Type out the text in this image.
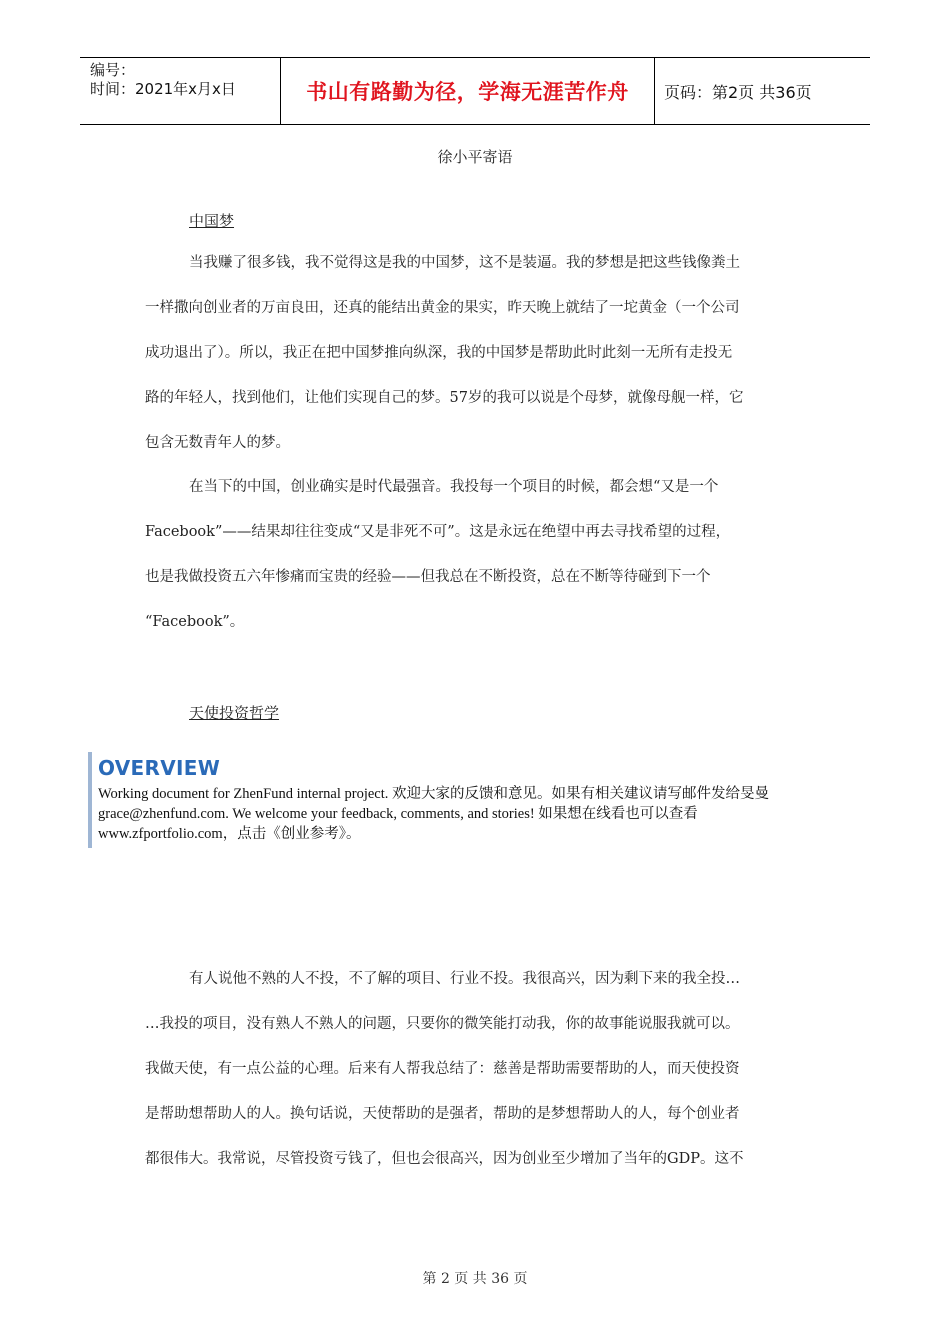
编号：
时间：2021年x月x日	书山有路勤为径，学海无涯苦作舟	页码：第2页 共36页
徐小平寄语
中国梦

当我赚了很多钱，我不觉得这是我的中国梦，这不是装逼。我的梦想是把这些钱像粪土
一样撒向创业者的万亩良田，还真的能结出黄金的果实，昨天晚上就结了一坨黄金（一个公司
成功退出了）。所以，我正在把中国梦推向纵深，我的中国梦是帮助此时此刻一无所有走投无
路的年轻人，找到他们，让他们实现自己的梦。57岁的我可以说是个母梦，就像母舰一样，它
包含无数青年人的梦。

在当下的中国，创业确实是时代最强音。我投每一个项目的时候，都会想“又是一个
Facebook”——结果却往往变成“又是非死不可”。这是永远在绝望中再去寻找希望的过程，
也是我做投资五六年惨痛而宝贵的经验——但我总在不断投资，总在不断等待碰到下一个
“Facebook”。

天使投资哲学
OVERVIEW
Working document for ZhenFund internal project. 欢迎大家的反馈和意见。如果有相关建议请写邮件发给旻曼
grace@zhenfund.com. We welcome your feedback, comments, and stories! 如果想在线看也可以查看
www.zfportfolio.com，点击《创业参考》。

有人说他不熟的人不投，不了解的项目、行业不投。我很高兴，因为剩下来的我全投…
…我投的项目，没有熟人不熟人的问题，只要你的微笑能打动我，你的故事能说服我就可以。
我做天使，有一点公益的心理。后来有人帮我总结了：慈善是帮助需要帮助的人，而天使投资
是帮助想帮助人的人。换句话说，天使帮助的是强者，帮助的是梦想帮助人的人，每个创业者
都很伟大。我常说，尽管投资亏钱了，但也会很高兴，因为创业至少增加了当年的GDP。这不

第 2 页 共 36 页
